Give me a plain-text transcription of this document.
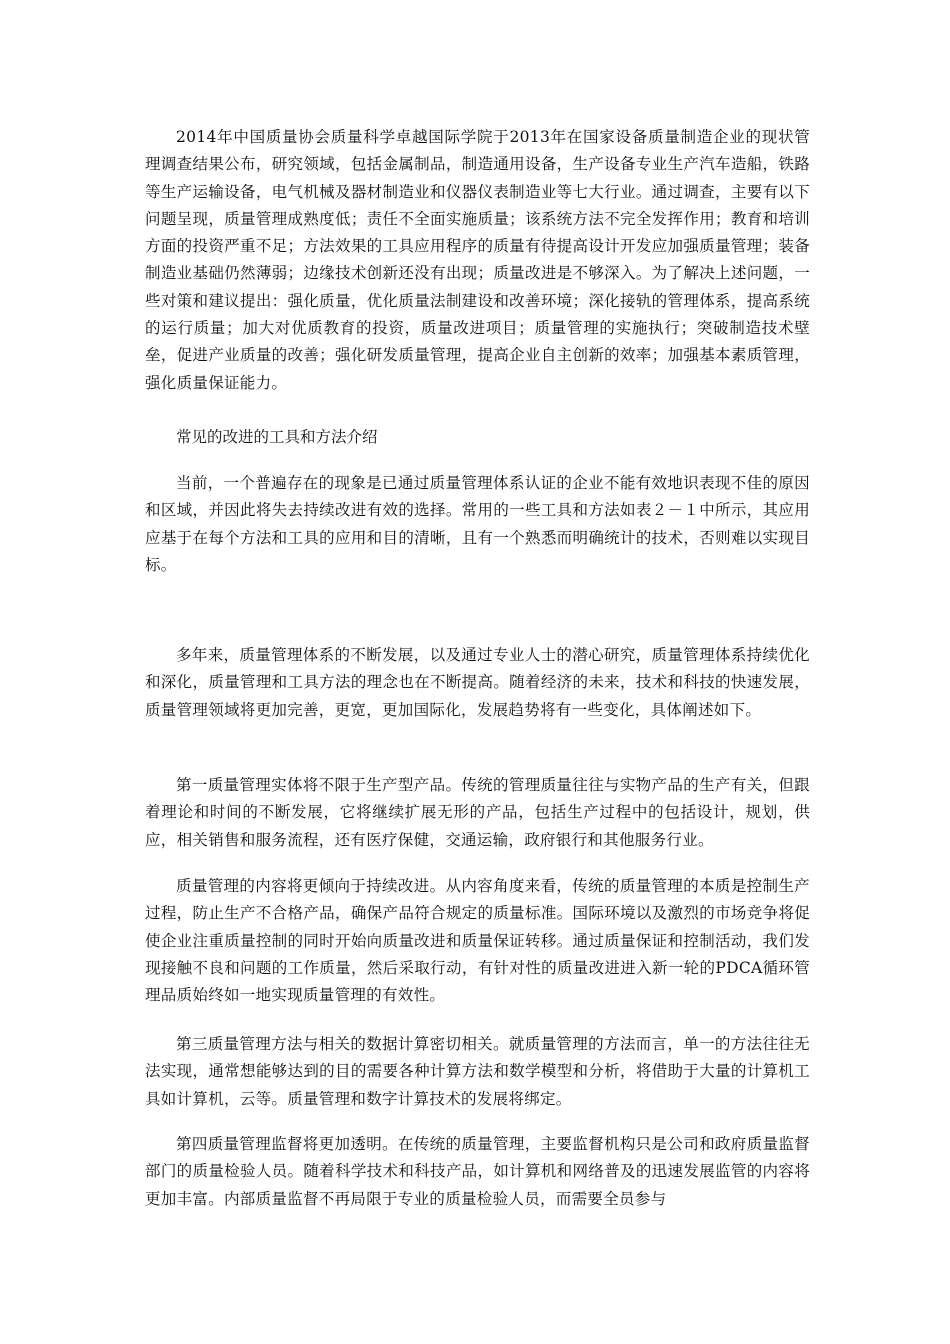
2014年中国质量协会质量科学卓越国际学院于2013年在国家设备质量制造企业的现状管理调查结果公布，研究领域，包括金属制品，制造通用设备，生产设备专业生产汽车造船，铁路等生产运输设备，电气机械及器材制造业和仪器仪表制造业等七大行业。通过调查，主要有以下问题呈现，质量管理成熟度低；责任不全面实施质量；该系统方法不完全发挥作用；教育和培训方面的投资严重不足；方法效果的工具应用程序的质量有待提高设计开发应加强质量管理；装备制造业基础仍然薄弱；边缘技术创新还没有出现；质量改进是不够深入。为了解决上述问题，一些对策和建议提出：强化质量，优化质量法制建设和改善环境；深化接轨的管理体系，提高系统的运行质量；加大对优质教育的投资，质量改进项目；质量管理的实施执行；突破制造技术壁垒，促进产业质量的改善；强化研发质量管理，提高企业自主创新的效率；加强基本素质管理，强化质量保证能力。

常见的改进的工具和方法介绍

当前，一个普遍存在的现象是已通过质量管理体系认证的企业不能有效地识表现不佳的原因和区域，并因此将失去持续改进有效的选择。常用的一些工具和方法如表２－１中所示，其应用应基于在每个方法和工具的应用和目的清晰，且有一个熟悉而明确统计的技术，否则难以实现目标。

多年来，质量管理体系的不断发展，以及通过专业人士的潜心研究，质量管理体系持续优化和深化，质量管理和工具方法的理念也在不断提高。随着经济的未来，技术和科技的快速发展，质量管理领域将更加完善，更宽，更加国际化，发展趋势将有一些变化，具体阐述如下。

第一质量管理实体将不限于生产型产品。传统的管理质量往往与实物产品的生产有关，但跟着理论和时间的不断发展，它将继续扩展无形的产品，包括生产过程中的包括设计，规划，供应，相关销售和服务流程，还有医疗保健，交通运输，政府银行和其他服务行业。

质量管理的内容将更倾向于持续改进。从内容角度来看，传统的质量管理的本质是控制生产过程，防止生产不合格产品，确保产品符合规定的质量标准。国际环境以及激烈的市场竞争将促使企业注重质量控制的同时开始向质量改进和质量保证转移。通过质量保证和控制活动，我们发现接触不良和问题的工作质量，然后采取行动，有针对性的质量改进进入新一轮的PDCA循环管理品质始终如一地实现质量管理的有效性。

第三质量管理方法与相关的数据计算密切相关。就质量管理的方法而言，单一的方法往往无法实现，通常想能够达到的目的需要各种计算方法和数学模型和分析，将借助于大量的计算机工具如计算机，云等。质量管理和数字计算技术的发展将绑定。

第四质量管理监督将更加透明。在传统的质量管理，主要监督机构只是公司和政府质量监督部门的质量检验人员。随着科学技术和科技产品，如计算机和网络普及的迅速发展监管的内容将更加丰富。内部质量监督不再局限于专业的质量检验人员，而需要全员参与
